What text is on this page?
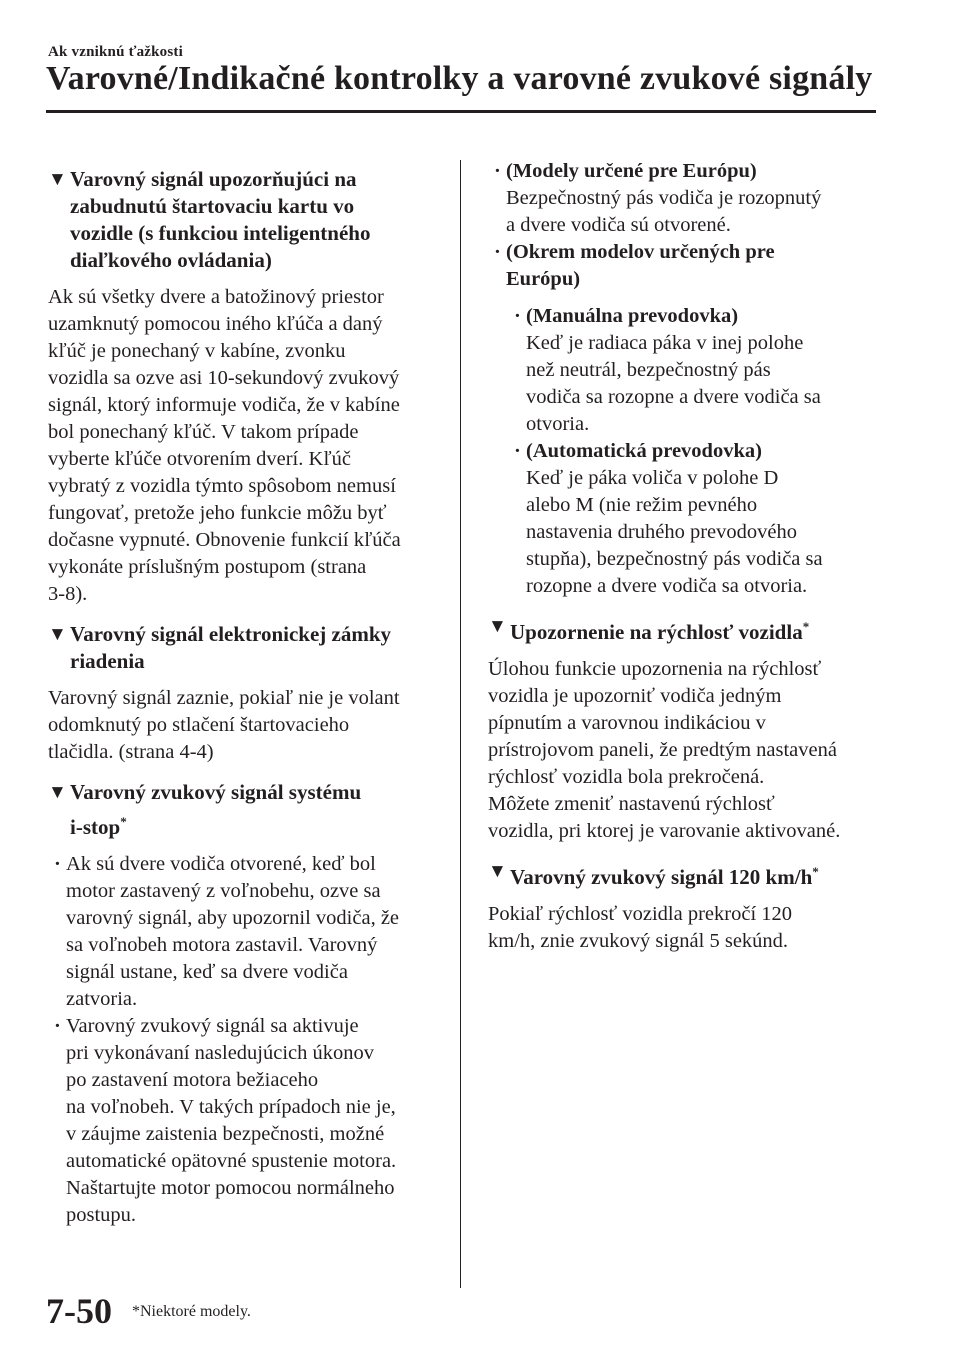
Ak vzniknú ťažkosti
Varovné/Indikačné kontrolky a varovné zvukové signály
▼ Varovný signál upozorňujúci na
zabudnutú štartovaciu kartu vo
vozidle (s funkciou inteligentného
diaľkového ovládania)

Ak sú všetky dvere a batožinový priestor
uzamknutý pomocou iného kľúča a daný
kľúč je ponechaný v kabíne, zvonku
vozidla sa ozve asi 10-sekundový zvukový
signál, ktorý informuje vodiča, že v kabíne
bol ponechaný kľúč. V takom prípade
vyberte kľúče otvorením dverí. Kľúč
vybratý z vozidla týmto spôsobom nemusí
fungovať, pretože jeho funkcie môžu byť
dočasne vypnuté. Obnovenie funkcií kľúča
vykonáte príslušným postupom (strana
3-8).

▼ Varovný signál elektronickej zámky
riadenia

Varovný signál zaznie, pokiaľ nie je volant
odomknutý po stlačení štartovacieho
tlačidla. (strana 4-4)

▼ Varovný zvukový signál systému
i-stop*
· Ak sú dvere vodiča otvorené, keď bol
motor zastavený z voľnobehu, ozve sa
varovný signál, aby upozornil vodiča, že
sa voľnobeh motora zastavil. Varovný
signál ustane, keď sa dvere vodiča
zatvoria.
· Varovný zvukový signál sa aktivuje
pri vykonávaní nasledujúcich úkonov
po zastavení motora bežiaceho
na voľnobeh. V takých prípadoch nie je,
v záujme zaistenia bezpečnosti, možné
automatické opätovné spustenie motora.
Naštartujte motor pomocou normálneho
postupu.
· (Modely určené pre Európu)
Bezpečnostný pás vodiča je rozopnutý
a dvere vodiča sú otvorené.
· (Okrem modelov určených pre
Európu)
· (Manuálna prevodovka)
Keď je radiaca páka v inej polohe
než neutrál, bezpečnostný pás
vodiča sa rozopne a dvere vodiča sa
otvoria.
· (Automatická prevodovka)
Keď je páka voliča v polohe D
alebo M (nie režim pevného
nastavenia druhého prevodového
stupňa), bezpečnostný pás vodiča sa
rozopne a dvere vodiča sa otvoria.
▼ Upozornenie na rýchlosť vozidla*

Úlohou funkcie upozornenia na rýchlosť
vozidla je upozorniť vodiča jedným
pípnutím a varovnou indikáciou v
prístrojovom paneli, že predtým nastavená
rýchlosť vozidla bola prekročená.
Môžete zmeniť nastavenú rýchlosť
vozidla, pri ktorej je varovanie aktivované.

▼ Varovný zvukový signál 120 km/h*

Pokiaľ rýchlosť vozidla prekročí 120
km/h, znie zvukový signál 5 sekúnd.

7-50 *Niektoré modely.
